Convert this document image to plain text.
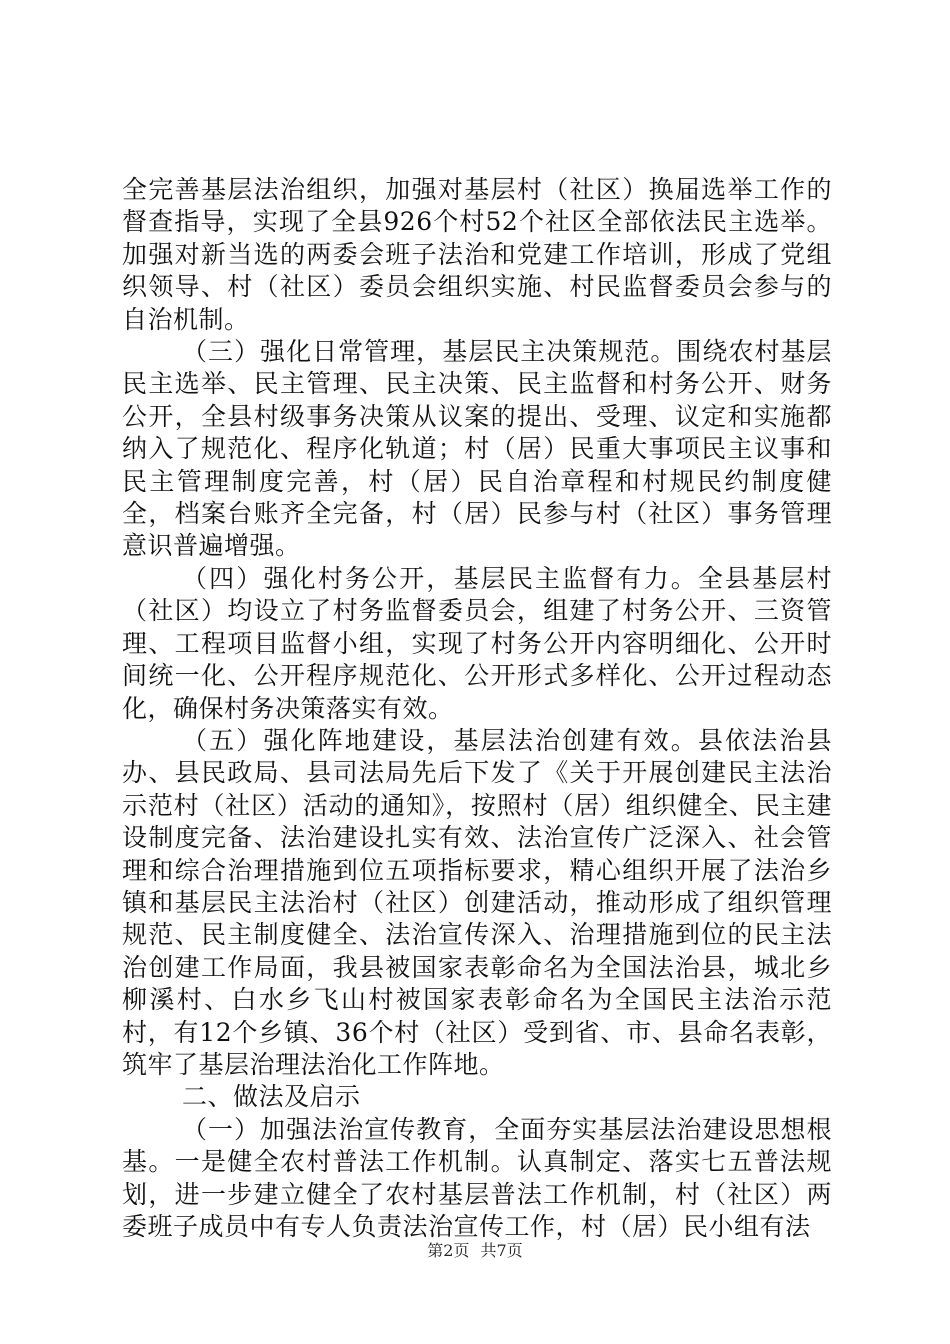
全完善基层法治组织，加强对基层村（社区）换届选举工作的督查指导，实现了全县926个村52个社区全部依法民主选举。加强对新当选的两委会班子法治和党建工作培训，形成了党组织领导、村（社区）委员会组织实施、村民监督委员会参与的自治机制。

（三）强化日常管理，基层民主决策规范。围绕农村基层民主选举、民主管理、民主决策、民主监督和村务公开、财务公开，全县村级事务决策从议案的提出、受理、议定和实施都纳入了规范化、程序化轨道；村（居）民重大事项民主议事和民主管理制度完善，村（居）民自治章程和村规民约制度健全，档案台账齐全完备，村（居）民参与村（社区）事务管理意识普遍增强。

（四）强化村务公开，基层民主监督有力。全县基层村（社区）均设立了村务监督委员会，组建了村务公开、三资管理、工程项目监督小组，实现了村务公开内容明细化、公开时间统一化、公开程序规范化、公开形式多样化、公开过程动态化，确保村务决策落实有效。

（五）强化阵地建设，基层法治创建有效。县依法治县办、县民政局、县司法局先后下发了《关于开展创建民主法治示范村（社区）活动的通知》，按照村（居）组织健全、民主建设制度完备、法治建设扎实有效、法治宣传广泛深入、社会管理和综合治理措施到位五项指标要求，精心组织开展了法治乡镇和基层民主法治村（社区）创建活动，推动形成了组织管理规范、民主制度健全、法治宣传深入、治理措施到位的民主法治创建工作局面，我县被国家表彰命名为全国法治县，城北乡柳溪村、白水乡飞山村被国家表彰命名为全国民主法治示范村，有12个乡镇、36个村（社区）受到省、市、县命名表彰，筑牢了基层治理法治化工作阵地。

二、做法及启示

（一）加强法治宣传教育，全面夯实基层法治建设思想根基。一是健全农村普法工作机制。认真制定、落实七五普法规划，进一步建立健全了农村基层普法工作机制，村（社区）两委班子成员中有专人负责法治宣传工作，村（居）民小组有法

第2页 共7页
